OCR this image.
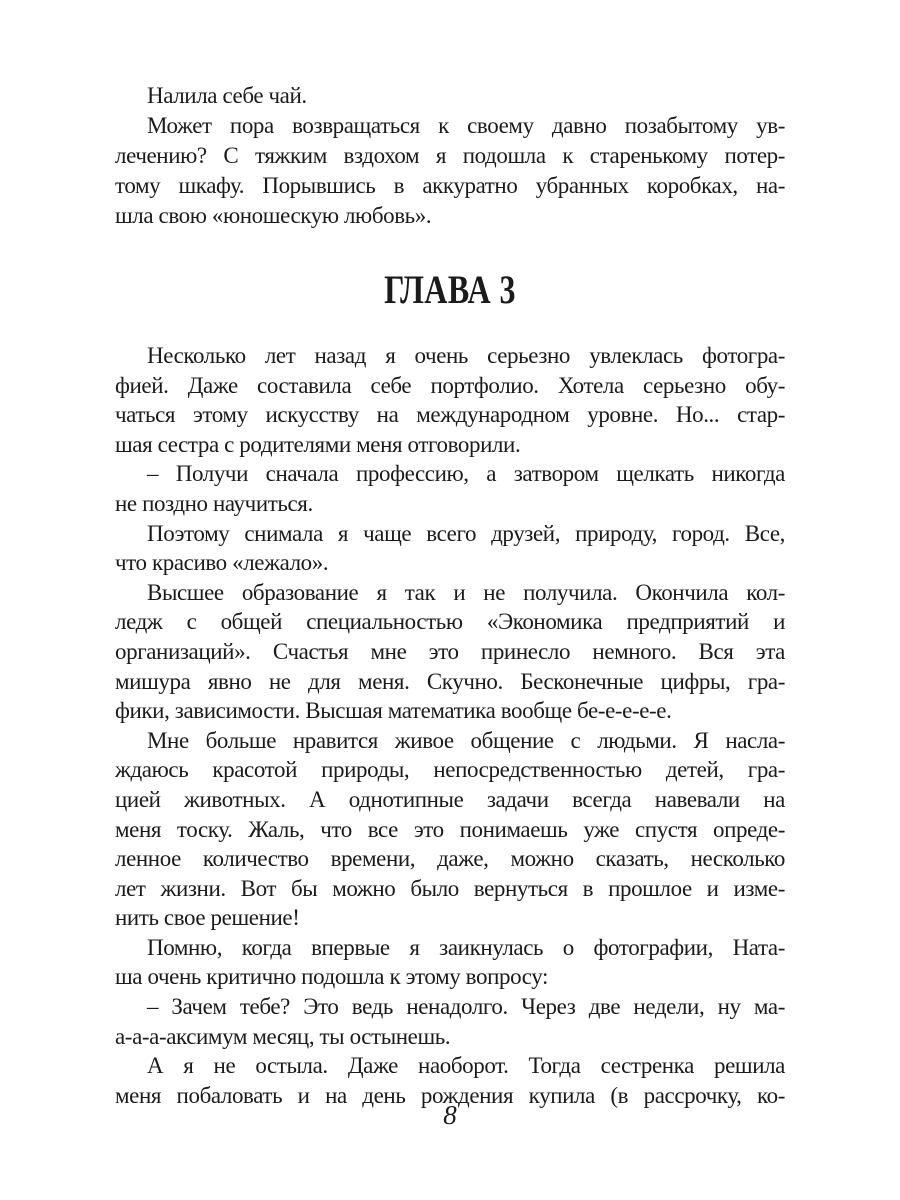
Налила себе чай.
Может пора возвращаться к своему давно позабытому ув-
лечению? С тяжким вздохом я подошла к старенькому потер-
тому шкафу. Порывшись в аккуратно убранных коробках, на-
шла свою «юношескую любовь».
ГЛАВА 3
Несколько лет назад я очень серьезно увлеклась фотогра-
фией. Даже составила себе портфолио. Хотела серьезно обу-
чаться этому искусству на международном уровне. Но... стар-
шая сестра с родителями меня отговорили.
– Получи сначала профессию, а затвором щелкать никогда
не поздно научиться.
Поэтому снимала я чаще всего друзей, природу, город. Все,
что красиво «лежало».
Высшее образование я так и не получила. Окончила кол-
ледж с общей специальностью «Экономика предприятий и
организаций». Счастья мне это принесло немного. Вся эта
мишура явно не для меня. Скучно. Бесконечные цифры, гра-
фики, зависимости. Высшая математика вообще бе-е-е-е-е.
Мне больше нравится живое общение с людьми. Я насла-
ждаюсь красотой природы, непосредственностью детей, гра-
цией животных. А однотипные задачи всегда навевали на
меня тоску. Жаль, что все это понимаешь уже спустя опреде-
ленное количество времени, даже, можно сказать, несколько
лет жизни. Вот бы можно было вернуться в прошлое и изме-
нить свое решение!
Помню, когда впервые я заикнулась о фотографии, Ната-
ша очень критично подошла к этому вопросу:
– Зачем тебе? Это ведь ненадолго. Через две недели, ну ма-
а-а-а-аксимум месяц, ты остынешь.
А я не остыла. Даже наоборот. Тогда сестренка решила
меня побаловать и на день рождения купила (в рассрочку, ко-
8
